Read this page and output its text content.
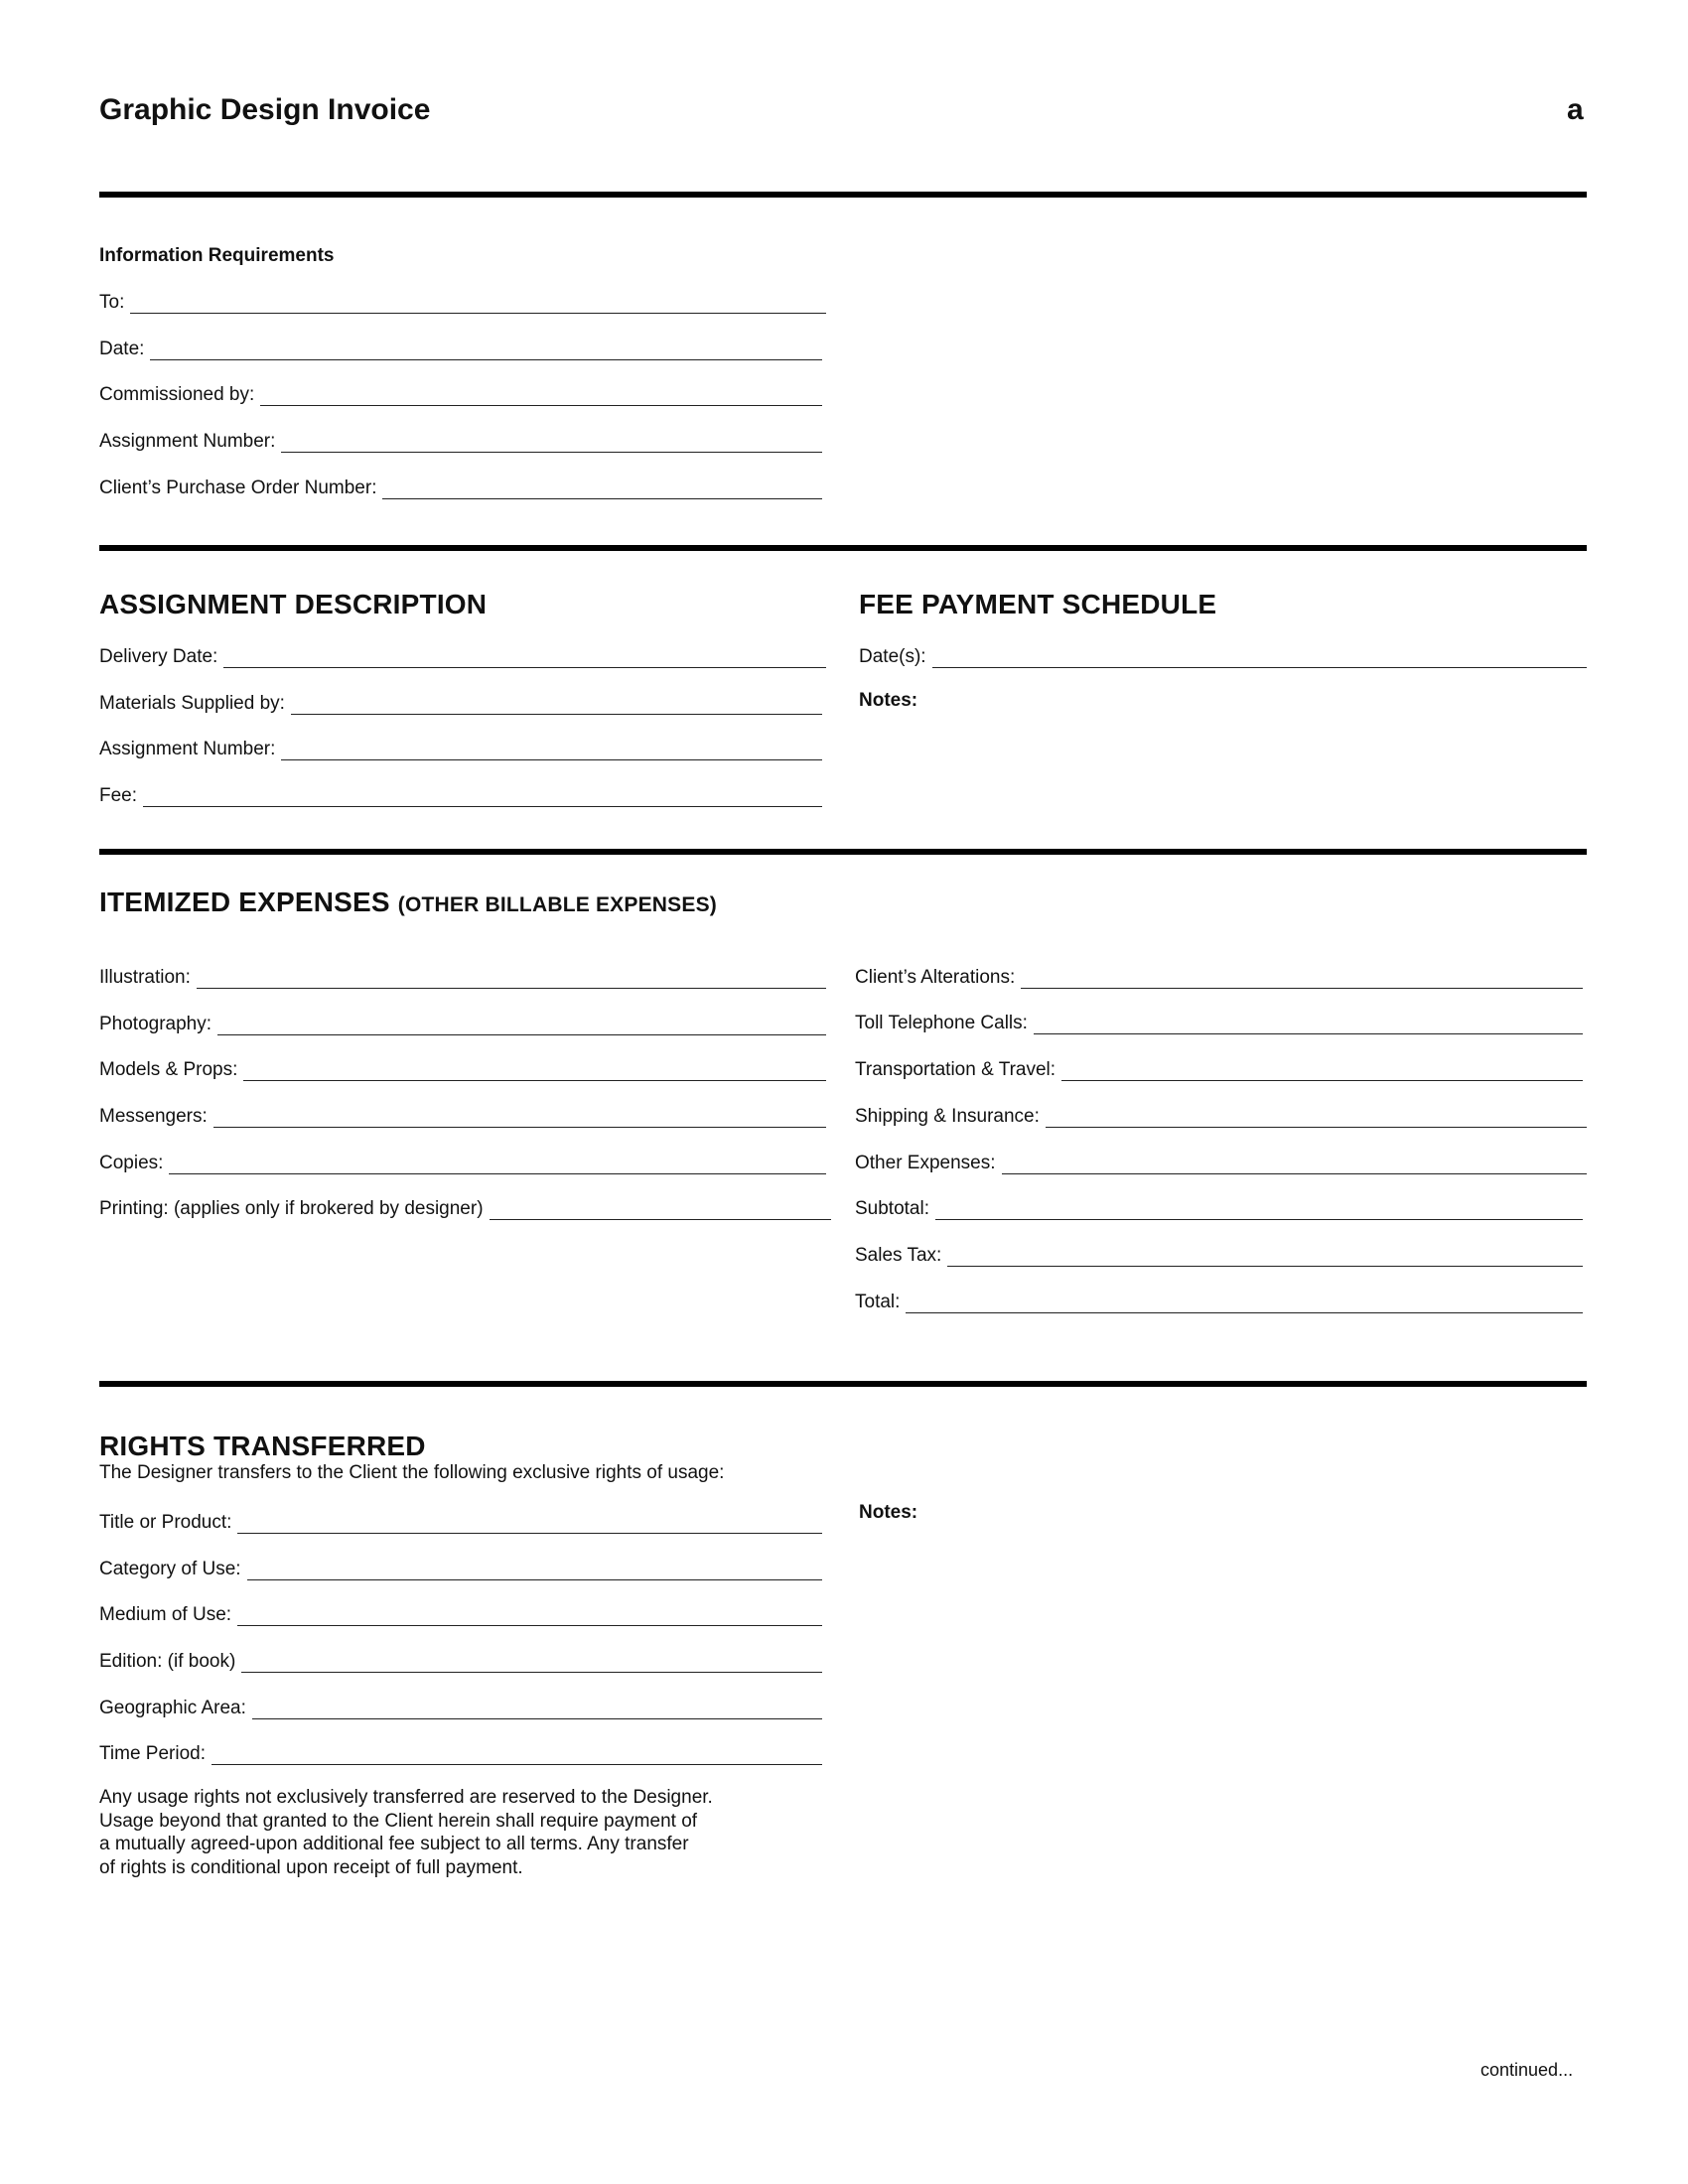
Graphic Design Invoice	a
Information Requirements
To:
Date:
Commissioned by:
Assignment Number:
Client’s Purchase Order Number:
ASSIGNMENT DESCRIPTION
Delivery Date:
Materials Supplied by:
Assignment Number:
Fee:
FEE PAYMENT SCHEDULE
Date(s):
Notes:
ITEMIZED EXPENSES (OTHER BILLABLE EXPENSES)
Illustration:
Photography:
Models & Props:
Messengers:
Copies:
Printing: (applies only if brokered by designer)
Client’s Alterations:
Toll Telephone Calls:
Transportation & Travel:
Shipping & Insurance:
Other Expenses:
Subtotal:
Sales Tax:
Total:
RIGHTS TRANSFERRED
The Designer transfers to the Client the following exclusive rights of usage:
Title or Product:
Category of Use:
Medium of Use:
Edition: (if book)
Geographic Area:
Time Period:
Notes:
Any usage rights not exclusively transferred are reserved to the Designer.
Usage beyond that granted to the Client herein shall require payment of
a mutually agreed-upon additional fee subject to all terms. Any transfer
of rights is conditional upon receipt of full payment.
continued...
